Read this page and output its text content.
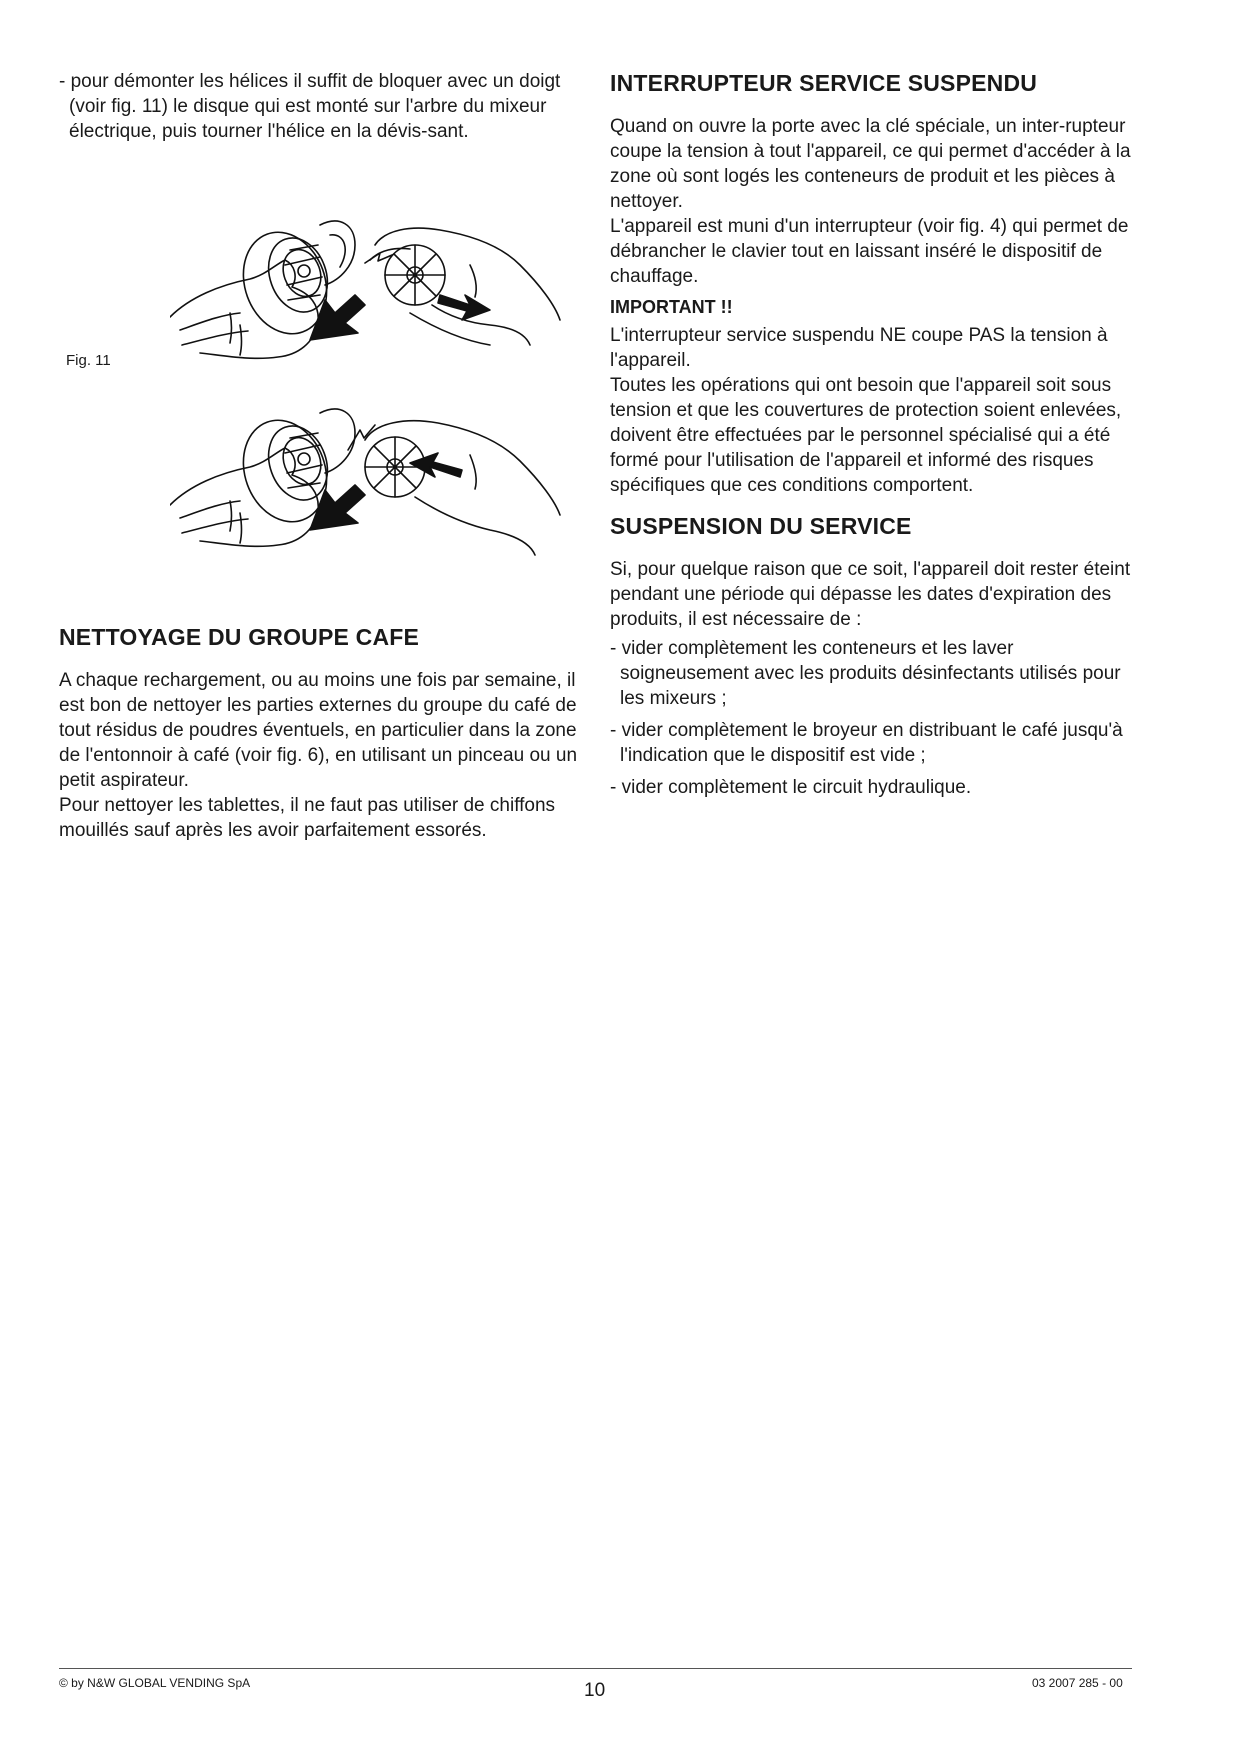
- pour démonter les hélices il suffit de bloquer avec un doigt (voir fig. 11) le disque qui est monté sur l'arbre du mixeur électrique, puis tourner l'hélice en la dévis-sant.

Fig. 11
NETTOYAGE DU GROUPE CAFE

A chaque rechargement, ou au moins une fois par semaine, il est bon de nettoyer les parties externes du groupe du café de tout résidus de poudres éventuels, en particulier dans la zone de l'entonnoir à café (voir fig. 6), en utilisant un pinceau ou un petit aspirateur.

Pour nettoyer les tablettes, il ne faut pas utiliser de chiffons mouillés sauf après les avoir parfaitement essorés.

INTERRUPTEUR SERVICE SUSPENDU

Quand on ouvre la porte avec la clé spéciale, un inter-rupteur coupe la tension à tout l'appareil, ce qui permet d'accéder à la zone où sont logés les conteneurs de produit et les pièces à nettoyer.

L'appareil est muni d'un interrupteur (voir fig. 4) qui permet de débrancher le clavier tout en laissant inséré le dispositif de chauffage.

IMPORTANT !!

L'interrupteur service suspendu NE coupe PAS la tension à l'appareil.

Toutes les opérations qui ont besoin que l'appareil soit sous tension et que les couvertures de protection soient enlevées, doivent être effectuées par le personnel spécialisé qui a été formé pour l'utilisation de l'appareil et informé des risques spécifiques que ces conditions comportent.

SUSPENSION DU SERVICE

Si, pour quelque raison que ce soit, l'appareil doit rester éteint pendant une période qui dépasse les dates d'expiration des produits, il est nécessaire de :

- vider complètement les conteneurs et les laver soigneusement avec les produits désinfectants utilisés pour les mixeurs ;

- vider complètement le broyeur en distribuant le café jusqu'à l'indication que le dispositif est vide ;

- vider complètement le circuit hydraulique.

© by N&W GLOBAL VENDING SpA	10	03 2007 285 - 00
